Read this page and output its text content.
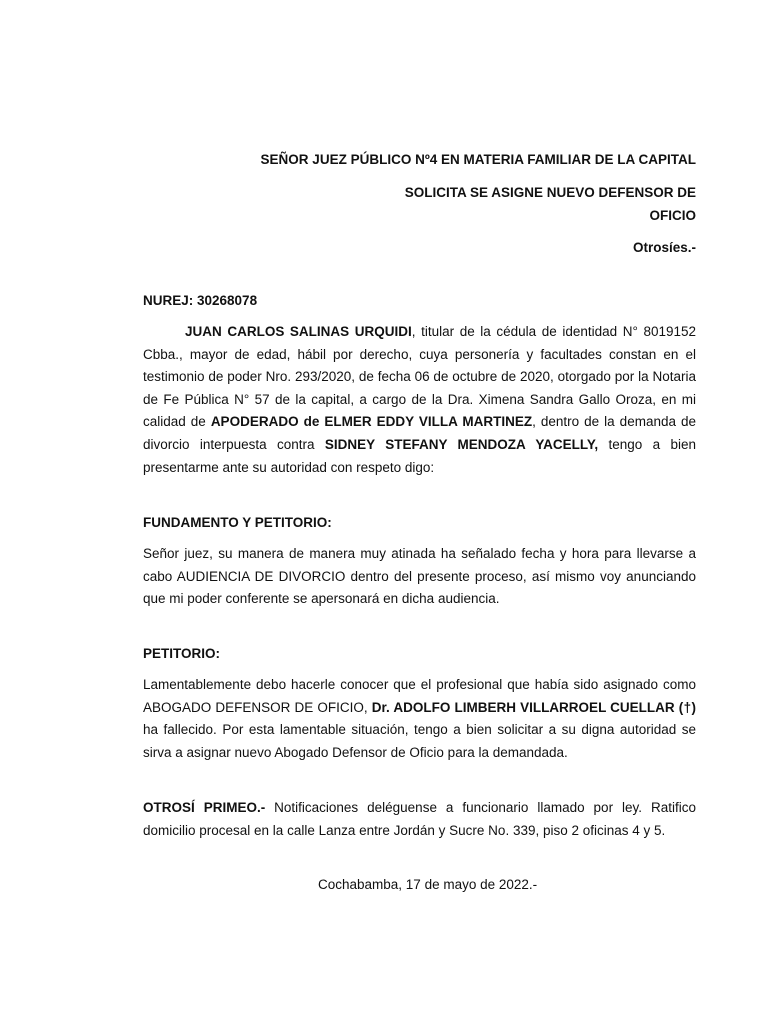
SEÑOR JUEZ PÚBLICO Nº4 EN MATERIA FAMILIAR DE LA CAPITAL

SOLICITA SE ASIGNE NUEVO DEFENSOR DE

OFICIO

Otrosíes.-

NUREJ: 30268078

JUAN CARLOS SALINAS URQUIDI, titular de la cédula de identidad N° 8019152 Cbba., mayor de edad, hábil por derecho, cuya personería y facultades constan en el testimonio de poder Nro. 293/2020, de fecha 06 de octubre de 2020, otorgado por la Notaria de Fe Pública N° 57 de la capital, a cargo de la Dra. Ximena Sandra Gallo Oroza, en mi calidad de APODERADO de ELMER EDDY VILLA MARTINEZ, dentro de la demanda de divorcio interpuesta contra SIDNEY STEFANY MENDOZA YACELLY, tengo a bien presentarme ante su autoridad con respeto digo:

FUNDAMENTO Y PETITORIO:

Señor juez, su manera de manera muy atinada ha señalado fecha y hora para llevarse a cabo AUDIENCIA DE DIVORCIO dentro del presente proceso, así mismo voy anunciando que mi poder conferente se apersonará en dicha audiencia.

PETITORIO:

Lamentablemente debo hacerle conocer que el profesional que había sido asignado como ABOGADO DEFENSOR DE OFICIO, Dr. ADOLFO LIMBERH VILLARROEL CUELLAR (†) ha fallecido. Por esta lamentable situación, tengo a bien solicitar a su digna autoridad se sirva a asignar nuevo Abogado Defensor de Oficio para la demandada.

OTROSÍ PRIMEO.- Notificaciones deléguense a funcionario llamado por ley. Ratifico domicilio procesal en la calle Lanza entre Jordán y Sucre No. 339, piso 2 oficinas 4 y 5.

Cochabamba, 17 de mayo de 2022.-
